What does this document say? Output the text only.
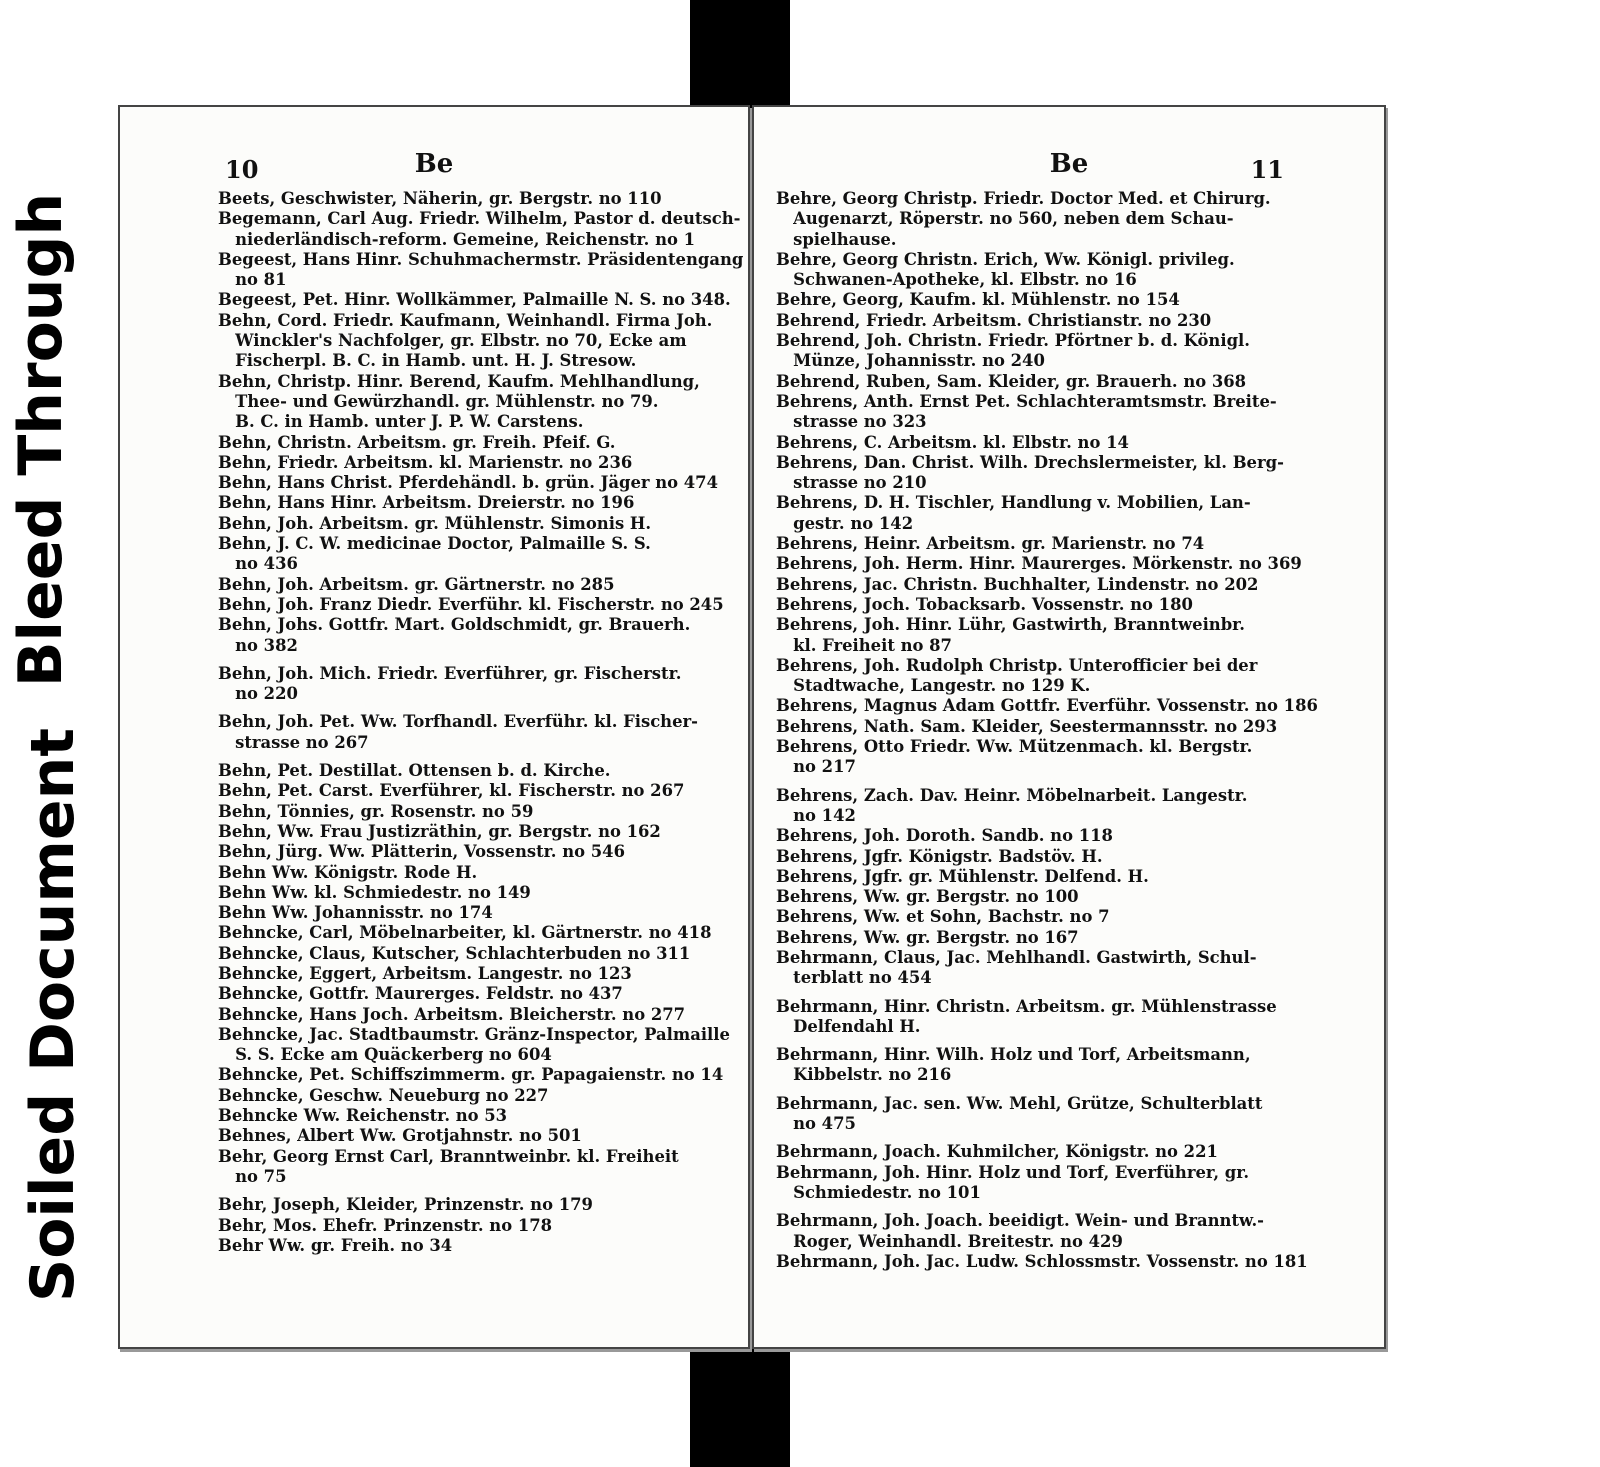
Bleed Through
Soiled Document
10	Be
Beets, Geschwister, Näherin, gr. Bergstr. no 110
Begemann, Carl Aug. Friedr. Wilhelm, Pastor d. deutsch-
niederländisch-reform. Gemeine, Reichenstr. no 1
Begeest, Hans Hinr. Schuhmachermstr. Präsidentengang
no 81
Begeest, Pet. Hinr. Wollkämmer, Palmaille N. S. no 348.
Behn, Cord. Friedr. Kaufmann, Weinhandl. Firma Joh.
Winckler's Nachfolger, gr. Elbstr. no 70, Ecke am
Fischerpl. B. C. in Hamb. unt. H. J. Stresow.
Behn, Christp. Hinr. Berend, Kaufm. Mehlhandlung,
Thee- und Gewürzhandl. gr. Mühlenstr. no 79.
B. C. in Hamb. unter J. P. W. Carstens.
Behn, Christn. Arbeitsm. gr. Freih. Pfeif. G.
Behn, Friedr. Arbeitsm. kl. Marienstr. no 236
Behn, Hans Christ. Pferdehändl. b. grün. Jäger no 474
Behn, Hans Hinr. Arbeitsm. Dreierstr. no 196
Behn, Joh. Arbeitsm. gr. Mühlenstr. Simonis H.
Behn, J. C. W. medicinae Doctor, Palmaille S. S.
no 436
Behn, Joh. Arbeitsm. gr. Gärtnerstr. no 285
Behn, Joh. Franz Diedr. Everführ. kl. Fischerstr. no 245
Behn, Johs. Gottfr. Mart. Goldschmidt, gr. Brauerh.
no 382
Behn, Joh. Mich. Friedr. Everführer, gr. Fischerstr.
no 220
Behn, Joh. Pet. Ww. Torfhandl. Everführ. kl. Fischer-
strasse no 267
Behn, Pet. Destillat. Ottensen b. d. Kirche.
Behn, Pet. Carst. Everführer, kl. Fischerstr. no 267
Behn, Tönnies, gr. Rosenstr. no 59
Behn, Ww. Frau Justizräthin, gr. Bergstr. no 162
Behn, Jürg. Ww. Plätterin, Vossenstr. no 546
Behn Ww. Königstr. Rode H.
Behn Ww. kl. Schmiedestr. no 149
Behn Ww. Johannisstr. no 174
Behncke, Carl, Möbelnarbeiter, kl. Gärtnerstr. no 418
Behncke, Claus, Kutscher, Schlachterbuden no 311
Behncke, Eggert, Arbeitsm. Langestr. no 123
Behncke, Gottfr. Maurerges. Feldstr. no 437
Behncke, Hans Joch. Arbeitsm. Bleicherstr. no 277
Behncke, Jac. Stadtbaumstr. Gränz-Inspector, Palmaille
S. S. Ecke am Quäckerberg no 604
Behncke, Pet. Schiffszimmerm. gr. Papagaienstr. no 14
Behncke, Geschw. Neueburg no 227
Behncke Ww. Reichenstr. no 53
Behnes, Albert Ww. Grotjahnstr. no 501
Behr, Georg Ernst Carl, Branntweinbr. kl. Freiheit
no 75
Behr, Joseph, Kleider, Prinzenstr. no 179
Behr, Mos. Ehefr. Prinzenstr. no 178
Behr Ww. gr. Freih. no 34
Be	11
Behre, Georg Christp. Friedr. Doctor Med. et Chirurg.
Augenarzt, Röperstr. no 560, neben dem Schau-
spielhause.
Behre, Georg Christn. Erich, Ww. Königl. privileg.
Schwanen-Apotheke, kl. Elbstr. no 16
Behre, Georg, Kaufm. kl. Mühlenstr. no 154
Behrend, Friedr. Arbeitsm. Christianstr. no 230
Behrend, Joh. Christn. Friedr. Pförtner b. d. Königl.
Münze, Johannisstr. no 240
Behrend, Ruben, Sam. Kleider, gr. Brauerh. no 368
Behrens, Anth. Ernst Pet. Schlachteramtsmstr. Breite-
strasse no 323
Behrens, C. Arbeitsm. kl. Elbstr. no 14
Behrens, Dan. Christ. Wilh. Drechslermeister, kl. Berg-
strasse no 210
Behrens, D. H. Tischler, Handlung v. Mobilien, Lan-
gestr. no 142
Behrens, Heinr. Arbeitsm. gr. Marienstr. no 74
Behrens, Joh. Herm. Hinr. Maurerges. Mörkenstr. no 369
Behrens, Jac. Christn. Buchhalter, Lindenstr. no 202
Behrens, Joch. Tobacksarb. Vossenstr. no 180
Behrens, Joh. Hinr. Lühr, Gastwirth, Branntweinbr.
kl. Freiheit no 87
Behrens, Joh. Rudolph Christp. Unterofficier bei der
Stadtwache, Langestr. no 129 K.
Behrens, Magnus Adam Gottfr. Everführ. Vossenstr. no 186
Behrens, Nath. Sam. Kleider, Seestermannsstr. no 293
Behrens, Otto Friedr. Ww. Mützenmach. kl. Bergstr.
no 217
Behrens, Zach. Dav. Heinr. Möbelnarbeit. Langestr.
no 142
Behrens, Joh. Doroth. Sandb. no 118
Behrens, Jgfr. Königstr. Badstöv. H.
Behrens, Jgfr. gr. Mühlenstr. Delfend. H.
Behrens, Ww. gr. Bergstr. no 100
Behrens, Ww. et Sohn, Bachstr. no 7
Behrens, Ww. gr. Bergstr. no 167
Behrmann, Claus, Jac. Mehlhandl. Gastwirth, Schul-
terblatt no 454
Behrmann, Hinr. Christn. Arbeitsm. gr. Mühlenstrasse
Delfendahl H.
Behrmann, Hinr. Wilh. Holz und Torf, Arbeitsmann,
Kibbelstr. no 216
Behrmann, Jac. sen. Ww. Mehl, Grütze, Schulterblatt
no 475
Behrmann, Joach. Kuhmilcher, Königstr. no 221
Behrmann, Joh. Hinr. Holz und Torf, Everführer, gr.
Schmiedestr. no 101
Behrmann, Joh. Joach. beeidigt. Wein- und Branntw.-
Roger, Weinhandl. Breitestr. no 429
Behrmann, Joh. Jac. Ludw. Schlossmstr. Vossenstr. no 181
